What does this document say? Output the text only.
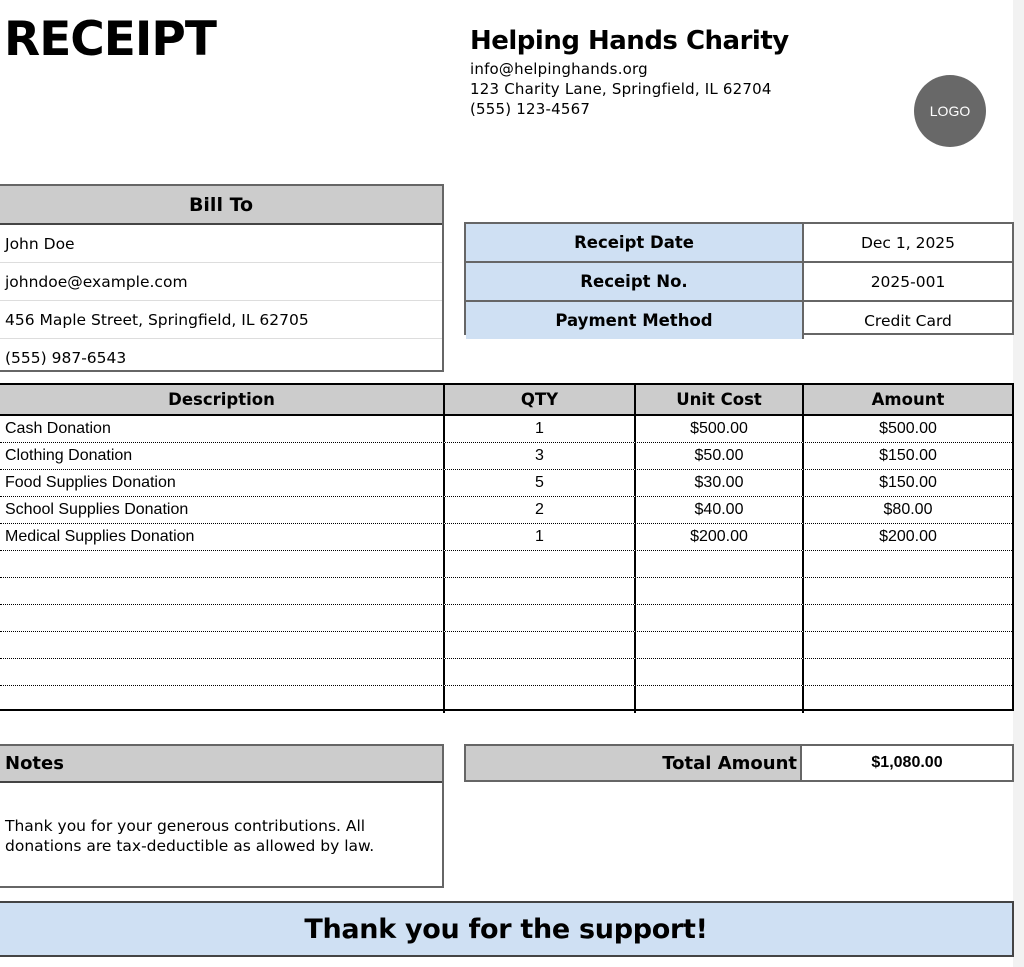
RECEIPT	Helping Hands Charity
info@helpinghands.org
123 Charity Lane, Springfield, IL 62704
(555) 123-4567	LOGO
Bill To
John Doe
johndoe@example.com
456 Maple Street, Springfield, IL 62705
(555) 987-6543
Receipt Date	Dec 1, 2025
Receipt No.	2025-001
Payment Method	Credit Card
Description	QTY	Unit Cost	Amount
Cash Donation	1	$500.00	$500.00
Clothing Donation	3	$50.00	$150.00
Food Supplies Donation	5	$30.00	$150.00
School Supplies Donation	2	$40.00	$80.00
Medical Supplies Donation	1	$200.00	$200.00
Notes
Thank you for your generous contributions. All donations are tax-deductible as allowed by law.
Total Amount	$1,080.00
Thank you for the support!
